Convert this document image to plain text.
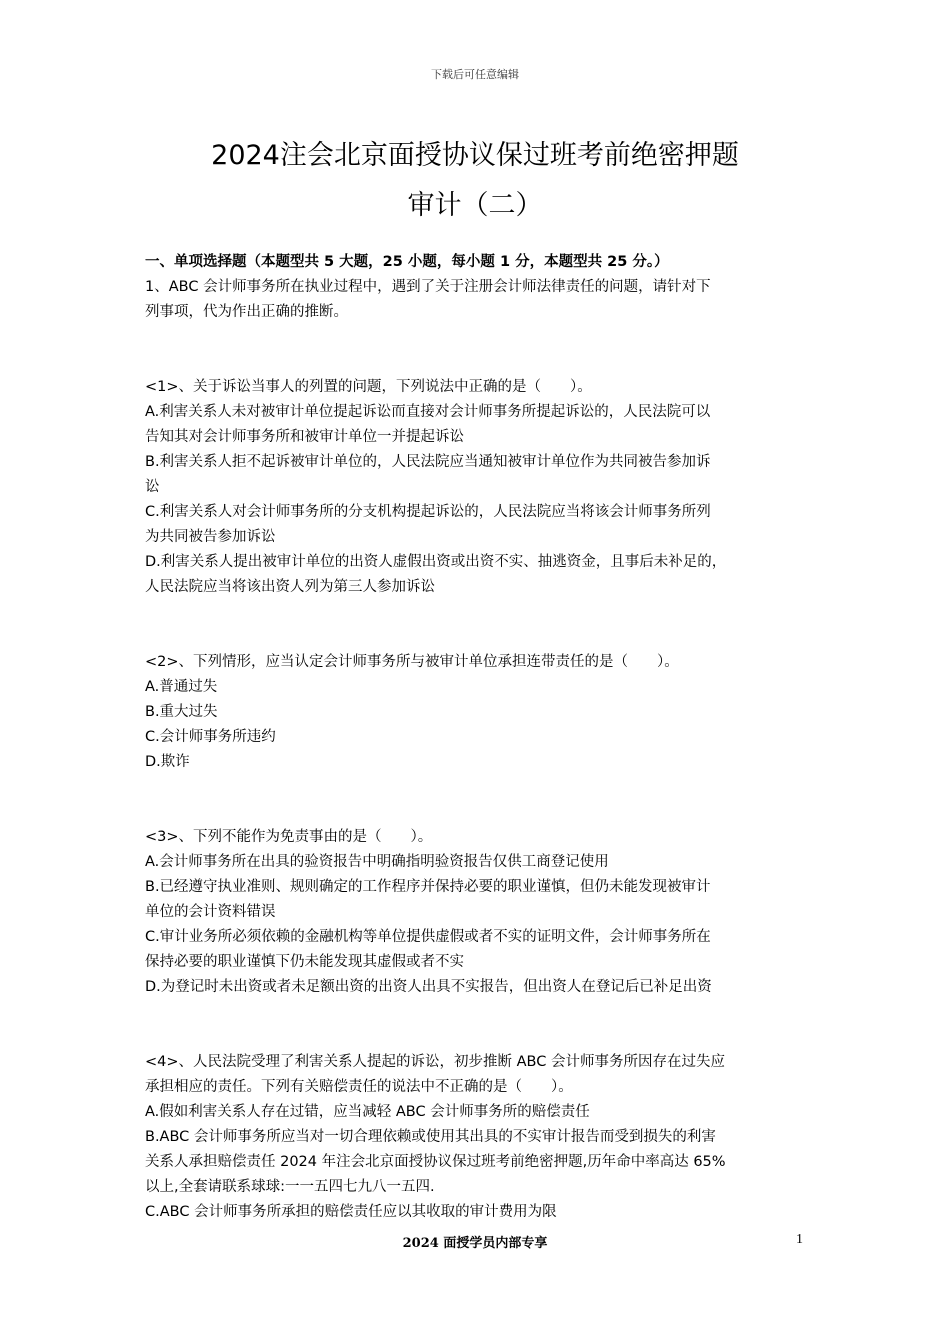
下载后可任意编辑
2024注会北京面授协议保过班考前绝密押题
审计（二）
一、单项选择题（本题型共 5 大题，25 小题，每小题 1 分，本题型共 25 分。）
1、ABC 会计师事务所在执业过程中，遇到了关于注册会计师法律责任的问题，请针对下
列事项，代为作出正确的推断。
<1>、关于诉讼当事人的列置的问题，下列说法中正确的是（　　）。
A.利害关系人未对被审计单位提起诉讼而直接对会计师事务所提起诉讼的，人民法院可以
告知其对会计师事务所和被审计单位一并提起诉讼
B.利害关系人拒不起诉被审计单位的，人民法院应当通知被审计单位作为共同被告参加诉
讼
C.利害关系人对会计师事务所的分支机构提起诉讼的，人民法院应当将该会计师事务所列
为共同被告参加诉讼
D.利害关系人提出被审计单位的出资人虚假出资或出资不实、抽逃资金，且事后未补足的，
人民法院应当将该出资人列为第三人参加诉讼
<2>、下列情形，应当认定会计师事务所与被审计单位承担连带责任的是（　　）。
A.普通过失
B.重大过失
C.会计师事务所违约
D.欺诈
<3>、下列不能作为免责事由的是（　　）。
A.会计师事务所在出具的验资报告中明确指明验资报告仅供工商登记使用
B.已经遵守执业准则、规则确定的工作程序并保持必要的职业谨慎，但仍未能发现被审计
单位的会计资料错误
C.审计业务所必须依赖的金融机构等单位提供虚假或者不实的证明文件，会计师事务所在
保持必要的职业谨慎下仍未能发现其虚假或者不实
D.为登记时未出资或者未足额出资的出资人出具不实报告，但出资人在登记后已补足出资
<4>、人民法院受理了利害关系人提起的诉讼，初步推断 ABC 会计师事务所因存在过失应
承担相应的责任。下列有关赔偿责任的说法中不正确的是（　　）。
A.假如利害关系人存在过错，应当减轻 ABC 会计师事务所的赔偿责任
B.ABC 会计师事务所应当对一切合理依赖或使用其出具的不实审计报告而受到损失的利害
关系人承担赔偿责任 2024 年注会北京面授协议保过班考前绝密押题,历年命中率高达 65%
以上,全套请联系球球:一一五四七九八一五四.
C.ABC 会计师事务所承担的赔偿责任应以其收取的审计费用为限
2024 面授学员内部专享	1
